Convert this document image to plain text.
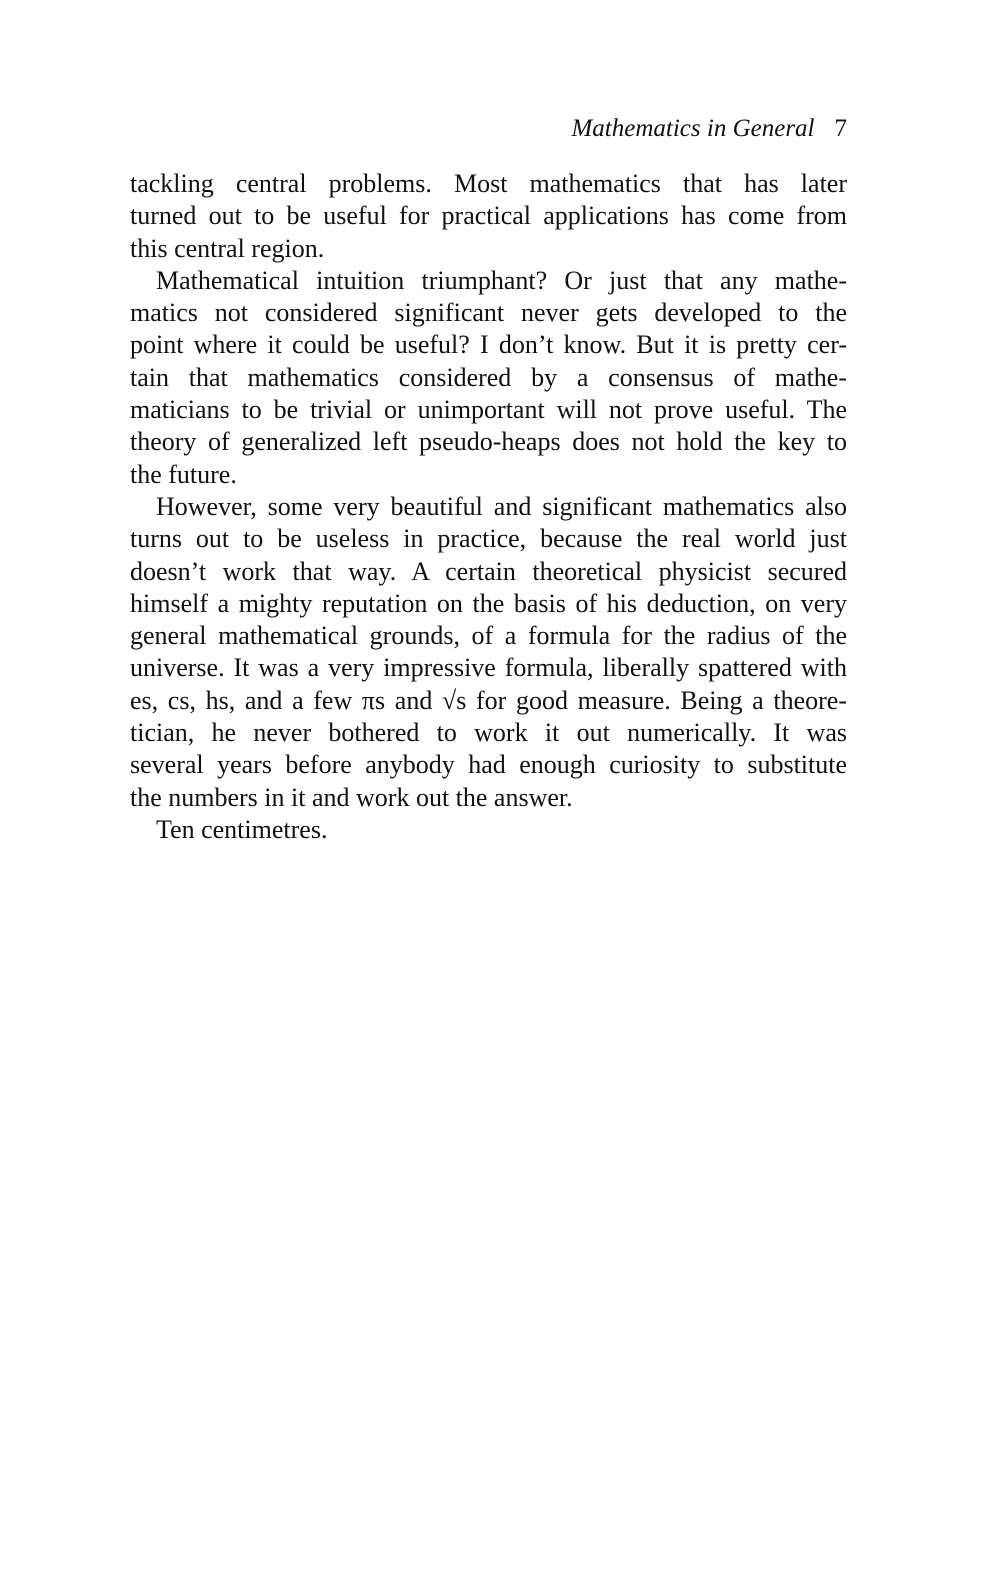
Mathematics in General 7
tackling central problems. Most mathematics that has later
turned out to be useful for practical applications has come from
this central region.
Mathematical intuition triumphant? Or just that any mathe-
matics not considered significant never gets developed to the
point where it could be useful? I don’t know. But it is pretty cer-
tain that mathematics considered by a consensus of mathe-
maticians to be trivial or unimportant will not prove useful. The
theory of generalized left pseudo-heaps does not hold the key to
the future.
However, some very beautiful and significant mathematics also
turns out to be useless in practice, because the real world just
doesn’t work that way. A certain theoretical physicist secured
himself a mighty reputation on the basis of his deduction, on very
general mathematical grounds, of a formula for the radius of the
universe. It was a very impressive formula, liberally spattered with
es, cs, hs, and a few πs and √s for good measure. Being a theore-
tician, he never bothered to work it out numerically. It was
several years before anybody had enough curiosity to substitute
the numbers in it and work out the answer.
Ten centimetres.
